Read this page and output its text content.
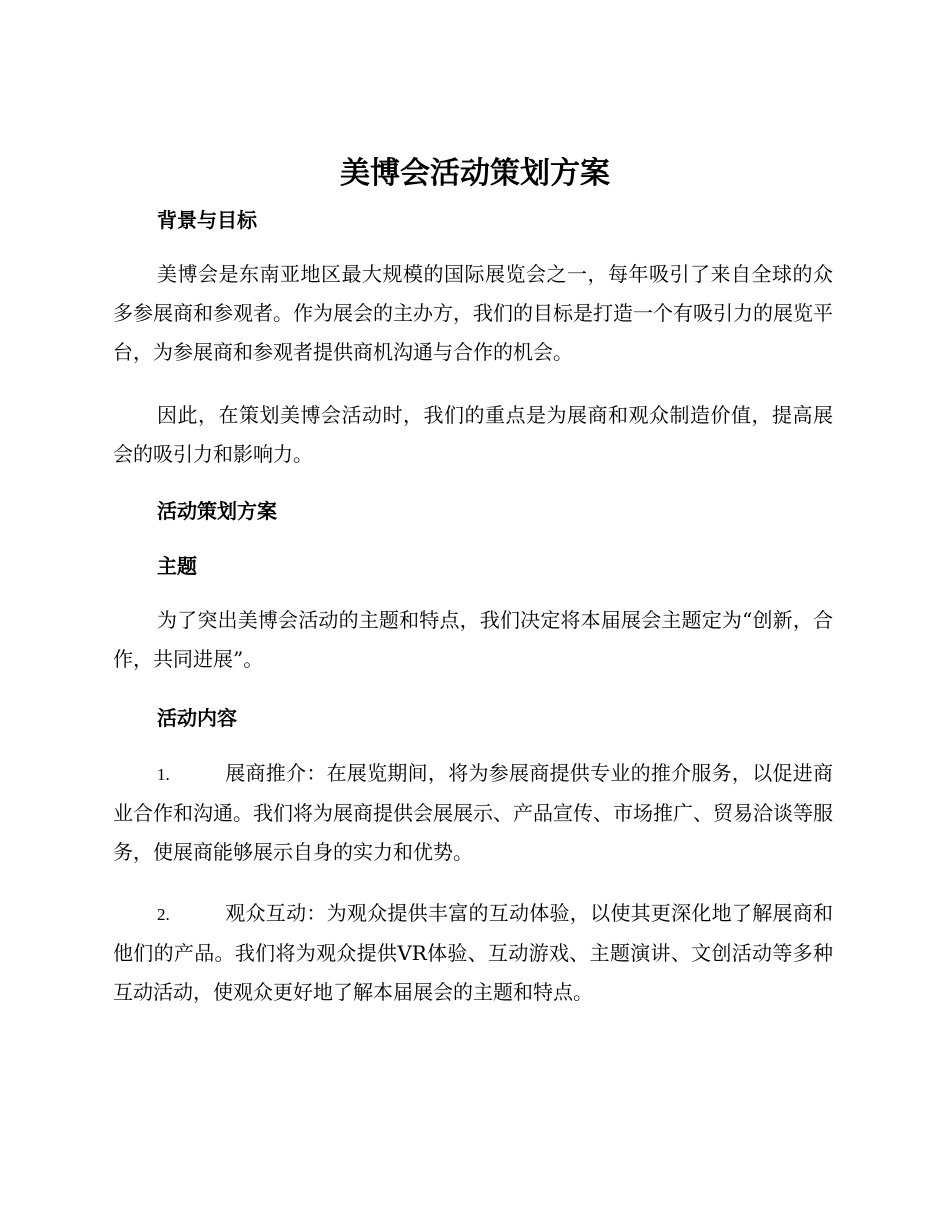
美博会活动策划方案
背景与目标

美博会是东南亚地区最大规模的国际展览会之一，每年吸引了来自全球的众多参展商和参观者。作为展会的主办方，我们的目标是打造一个有吸引力的展览平台，为参展商和参观者提供商机沟通与合作的机会。

因此，在策划美博会活动时，我们的重点是为展商和观众制造价值，提高展会的吸引力和影响力。

活动策划方案
主题

为了突出美博会活动的主题和特点，我们决定将本届展会主题定为“创新，合作，共同进展”。

活动内容

1.	展商推介：在展览期间，将为参展商提供专业的推介服务，以促进商业合作和沟通。我们将为展商提供会展展示、产品宣传、市场推广、贸易洽谈等服务，使展商能够展示自身的实力和优势。

2.	观众互动：为观众提供丰富的互动体验，以使其更深化地了解展商和他们的产品。我们将为观众提供VR体验、互动游戏、主题演讲、文创活动等多种互动活动，使观众更好地了解本届展会的主题和特点。
